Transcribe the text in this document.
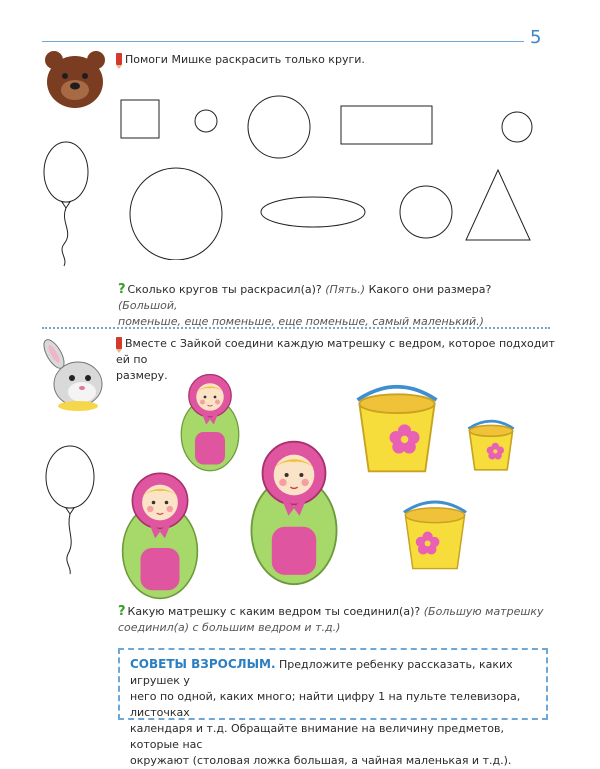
5
Помоги Мишке раскрасить только круги.
? Сколько кругов ты раскрасил(а)? (Пять.) Какого они размера? (Большой,
поменьше, еще поменьше, еще поменьше, самый маленький.)
Вместе с Зайкой соедини каждую матрешку с ведром, которое подходит ей по
размеру.
? Какую матрешку с каким ведром ты соединил(а)? (Большую матрешку
соединил(а) с большим ведром и т.д.)
СОВЕТЫ ВЗРОСЛЫМ. Предложите ребенку рассказать, каких игрушек у
него по одной, каких много; найти цифру 1 на пульте телевизора, листочках
календаря и т.д. Обращайте внимание на величину предметов, которые нас
окружают (столовая ложка большая, а чайная маленькая и т.д.).
